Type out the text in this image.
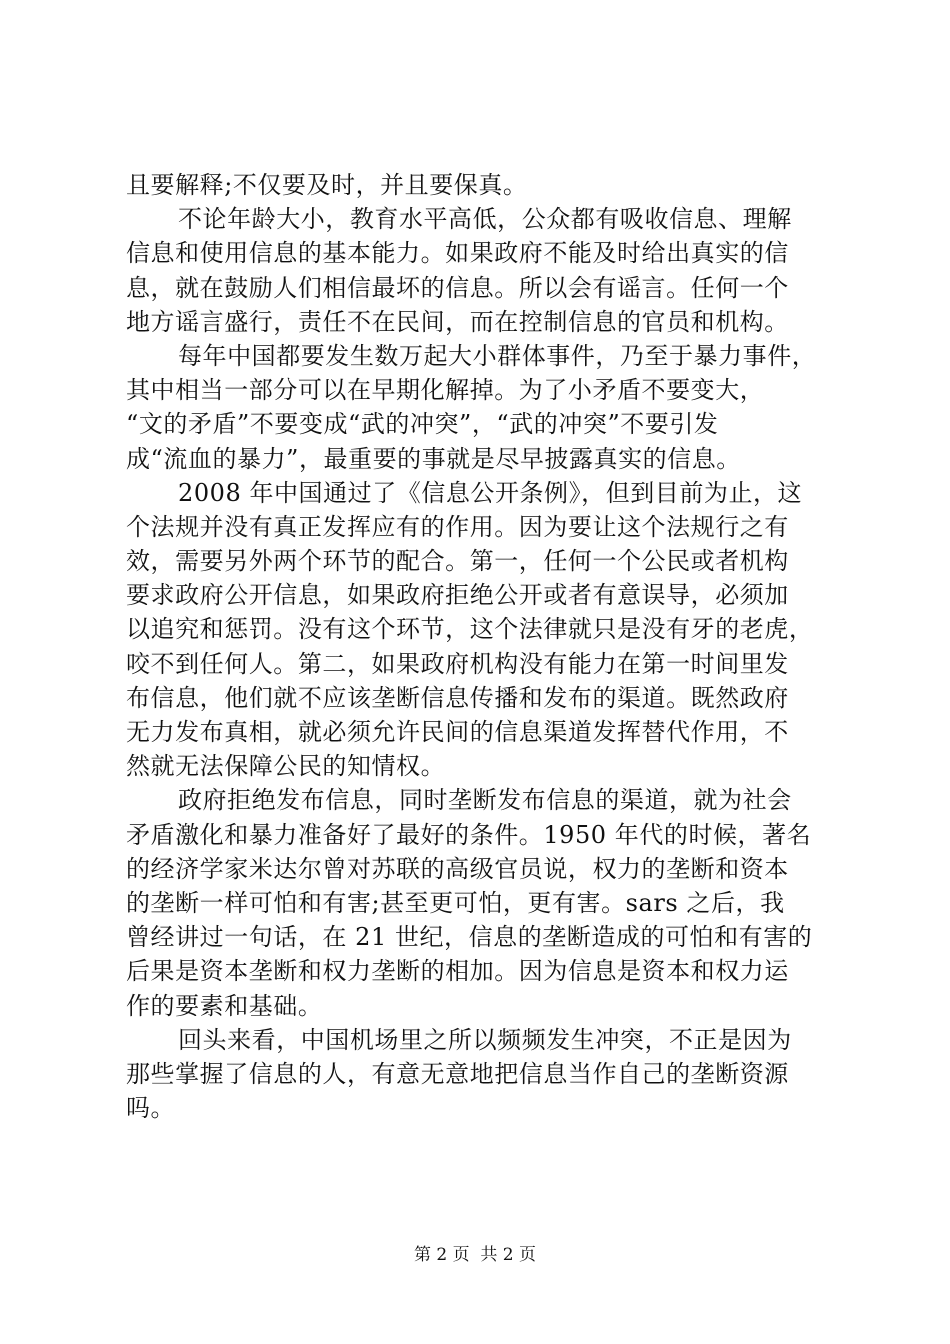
且要解释;不仅要及时，并且要保真。
不论年龄大小，教育水平高低，公众都有吸收信息、理解
信息和使用信息的基本能力。如果政府不能及时给出真实的信
息，就在鼓励人们相信最坏的信息。所以会有谣言。任何一个
地方谣言盛行，责任不在民间，而在控制信息的官员和机构。
每年中国都要发生数万起大小群体事件，乃至于暴力事件，
其中相当一部分可以在早期化解掉。为了小矛盾不要变大，
“文的矛盾”不要变成“武的冲突”，“武的冲突”不要引发
成“流血的暴力”，最重要的事就是尽早披露真实的信息。
2008 年中国通过了《信息公开条例》，但到目前为止，这
个法规并没有真正发挥应有的作用。因为要让这个法规行之有
效，需要另外两个环节的配合。第一，任何一个公民或者机构
要求政府公开信息，如果政府拒绝公开或者有意误导，必须加
以追究和惩罚。没有这个环节，这个法律就只是没有牙的老虎，
咬不到任何人。第二，如果政府机构没有能力在第一时间里发
布信息，他们就不应该垄断信息传播和发布的渠道。既然政府
无力发布真相，就必须允许民间的信息渠道发挥替代作用，不
然就无法保障公民的知情权。
政府拒绝发布信息，同时垄断发布信息的渠道，就为社会
矛盾激化和暴力准备好了最好的条件。1950 年代的时候，著名
的经济学家米达尔曾对苏联的高级官员说，权力的垄断和资本
的垄断一样可怕和有害;甚至更可怕，更有害。sars 之后，我
曾经讲过一句话，在 21 世纪，信息的垄断造成的可怕和有害的
后果是资本垄断和权力垄断的相加。因为信息是资本和权力运
作的要素和基础。
回头来看，中国机场里之所以频频发生冲突，不正是因为
那些掌握了信息的人，有意无意地把信息当作自己的垄断资源
吗。
第 2 页  共 2 页
